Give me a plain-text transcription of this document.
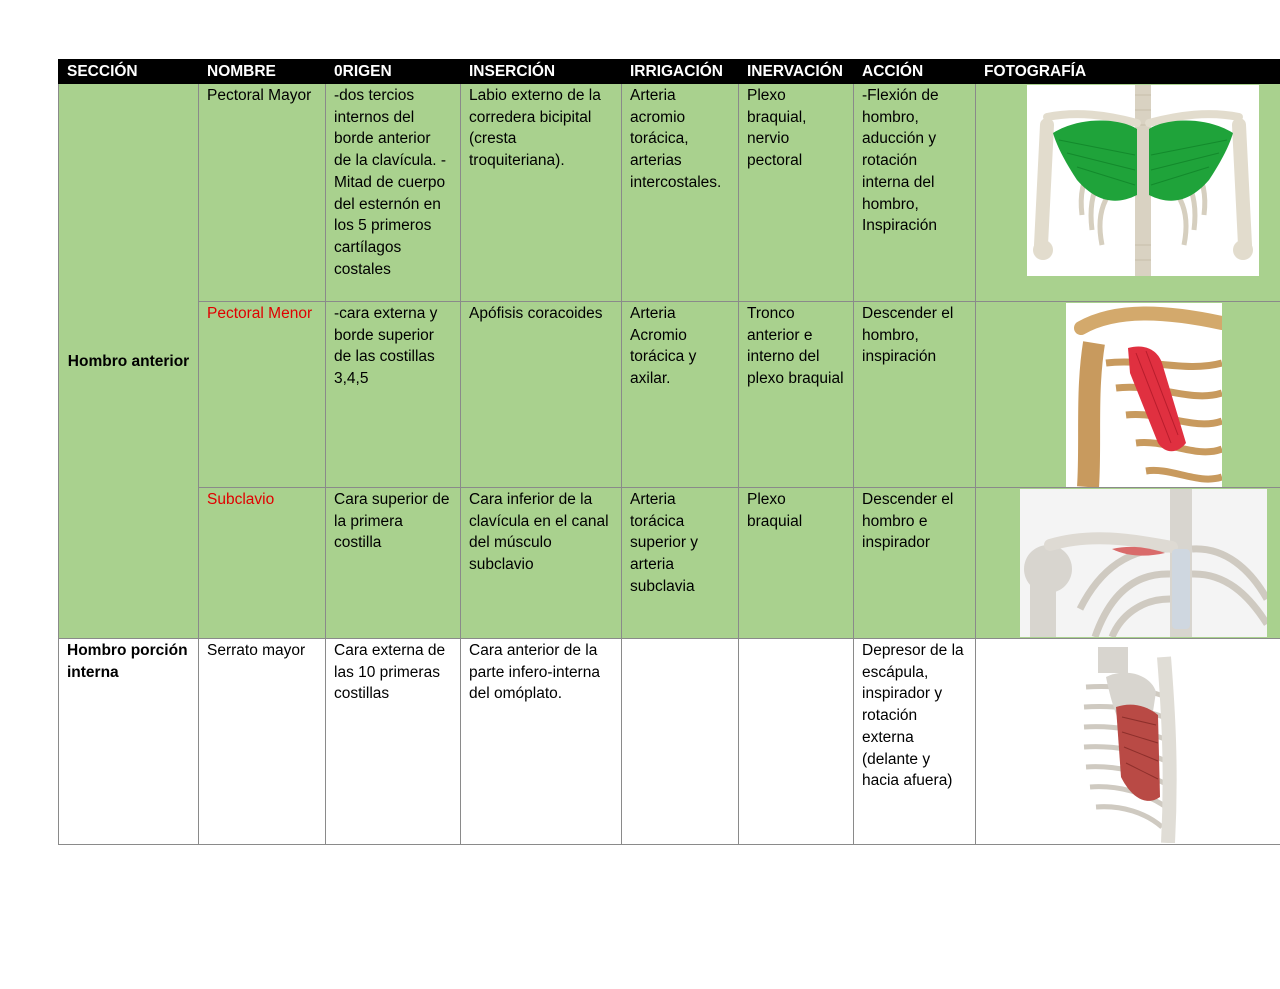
SECCIÓN	NOMBRE	0RIGEN	INSERCIÓN	IRRIGACIÓN	INERVACIÓN	ACCIÓN	FOTOGRAFÍA
Hombro anterior	Pectoral Mayor	-dos tercios internos del borde anterior de la clavícula. -Mitad de cuerpo del esternón en los 5 primeros cartílagos costales	Labio externo de la corredera bicipital (cresta troquiteriana).	Arteria acromio torácica, arterias intercostales.	Plexo braquial, nervio pectoral	-Flexión de hombro, aducción y rotación interna del hombro, Inspiración	

	Pectoral Menor	-cara externa y borde superior de las costillas 3,4,5	Apófisis coracoides	Arteria Acromio torácica y axilar.	Tronco anterior e interno del plexo braquial	Descender el hombro, inspiración	

	Subclavio	Cara superior de la primera costilla	Cara inferior de la clavícula en el canal del músculo subclavio	Arteria torácica superior y arteria subclavia	Plexo braquial	Descender el hombro e inspirador	

Hombro porción interna	Serrato mayor	Cara externa de las 10 primeras costillas	Cara anterior de la parte infero-interna del omóplato.			Depresor de la escápula, inspirador y rotación externa (delante y hacia afuera)	
